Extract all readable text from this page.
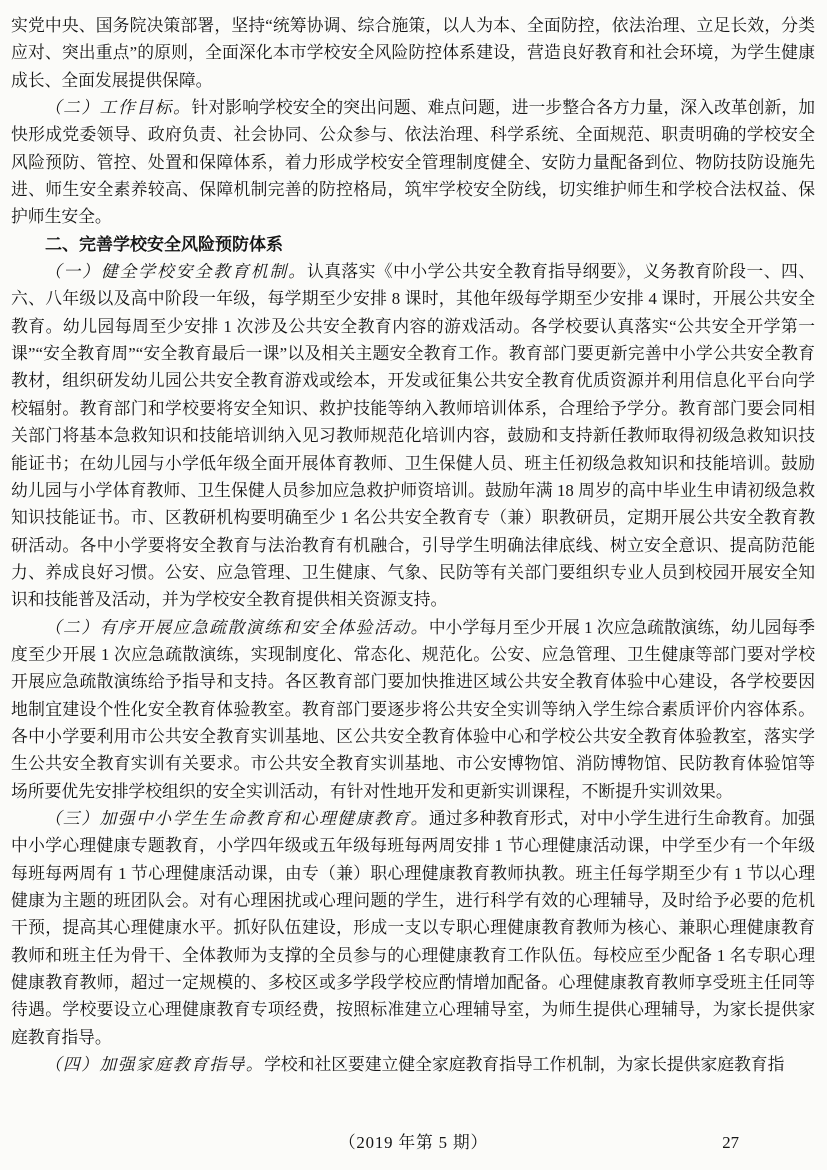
实党中央、国务院决策部署，坚持“统筹协调、综合施策，以人为本、全面防控，依法治理、立足长效，分类应对、突出重点”的原则，全面深化本市学校安全风险防控体系建设，营造良好教育和社会环境，为学生健康成长、全面发展提供保障。

（二）工作目标。针对影响学校安全的突出问题、难点问题，进一步整合各方力量，深入改革创新，加快形成党委领导、政府负责、社会协同、公众参与、依法治理、科学系统、全面规范、职责明确的学校安全风险预防、管控、处置和保障体系，着力形成学校安全管理制度健全、安防力量配备到位、物防技防设施先进、师生安全素养较高、保障机制完善的防控格局，筑牢学校安全防线，切实维护师生和学校合法权益、保护师生安全。

二、完善学校安全风险预防体系

（一）健全学校安全教育机制。认真落实《中小学公共安全教育指导纲要》，义务教育阶段一、四、六、八年级以及高中阶段一年级，每学期至少安排 8 课时，其他年级每学期至少安排 4 课时，开展公共安全教育。幼儿园每周至少安排 1 次涉及公共安全教育内容的游戏活动。各学校要认真落实“公共安全开学第一课”“安全教育周”“安全教育最后一课”以及相关主题安全教育工作。教育部门要更新完善中小学公共安全教育教材，组织研发幼儿园公共安全教育游戏或绘本，开发或征集公共安全教育优质资源并利用信息化平台向学校辐射。教育部门和学校要将安全知识、救护技能等纳入教师培训体系，合理给予学分。教育部门要会同相关部门将基本急救知识和技能培训纳入见习教师规范化培训内容，鼓励和支持新任教师取得初级急救知识技能证书；在幼儿园与小学低年级全面开展体育教师、卫生保健人员、班主任初级急救知识和技能培训。鼓励幼儿园与小学体育教师、卫生保健人员参加应急救护师资培训。鼓励年满 18 周岁的高中毕业生申请初级急救知识技能证书。市、区教研机构要明确至少 1 名公共安全教育专（兼）职教研员，定期开展公共安全教育教研活动。各中小学要将安全教育与法治教育有机融合，引导学生明确法律底线、树立安全意识、提高防范能力、养成良好习惯。公安、应急管理、卫生健康、气象、民防等有关部门要组织专业人员到校园开展安全知识和技能普及活动，并为学校安全教育提供相关资源支持。

（二）有序开展应急疏散演练和安全体验活动。中小学每月至少开展 1 次应急疏散演练，幼儿园每季度至少开展 1 次应急疏散演练，实现制度化、常态化、规范化。公安、应急管理、卫生健康等部门要对学校开展应急疏散演练给予指导和支持。各区教育部门要加快推进区域公共安全教育体验中心建设，各学校要因地制宜建设个性化安全教育体验教室。教育部门要逐步将公共安全实训等纳入学生综合素质评价内容体系。各中小学要利用市公共安全教育实训基地、区公共安全教育体验中心和学校公共安全教育体验教室，落实学生公共安全教育实训有关要求。市公共安全教育实训基地、市公安博物馆、消防博物馆、民防教育体验馆等场所要优先安排学校组织的安全实训活动，有针对性地开发和更新实训课程，不断提升实训效果。

（三）加强中小学生生命教育和心理健康教育。通过多种教育形式，对中小学生进行生命教育。加强中小学心理健康专题教育，小学四年级或五年级每班每两周安排 1 节心理健康活动课，中学至少有一个年级每班每两周有 1 节心理健康活动课，由专（兼）职心理健康教育教师执教。班主任每学期至少有 1 节以心理健康为主题的班团队会。对有心理困扰或心理问题的学生，进行科学有效的心理辅导，及时给予必要的危机干预，提高其心理健康水平。抓好队伍建设，形成一支以专职心理健康教育教师为核心、兼职心理健康教育教师和班主任为骨干、全体教师为支撑的全员参与的心理健康教育工作队伍。每校应至少配备 1 名专职心理健康教育教师，超过一定规模的、多校区或多学段学校应酌情增加配备。心理健康教育教师享受班主任同等待遇。学校要设立心理健康教育专项经费，按照标准建立心理辅导室，为师生提供心理辅导，为家长提供家庭教育指导。

（四）加强家庭教育指导。学校和社区要建立健全家庭教育指导工作机制，为家长提供家庭教育指

（2019 年第 5 期）	27
